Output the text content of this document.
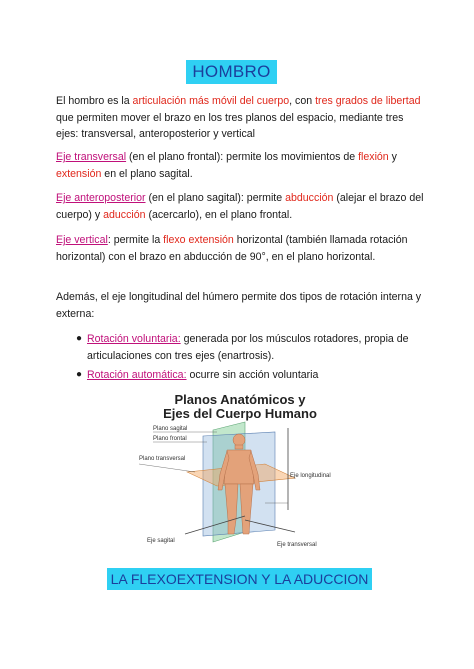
HOMBRO

El hombro es la articulación más móvil del cuerpo, con tres grados de libertad que permiten mover el brazo en los tres planos del espacio, mediante tres ejes: transversal, anteroposterior y vertical

Eje transversal (en el plano frontal): permite los movimientos de flexión y extensión en el plano sagital.

Eje anteroposterior (en el plano sagital): permite abducción (alejar el brazo del cuerpo) y aducción (acercarlo), en el plano frontal.

Eje vertical: permite la flexo extensión horizontal (también llamada rotación horizontal) con el brazo en abducción de 90°, en el plano horizontal.

Además, el eje longitudinal del húmero permite dos tipos de rotación interna y externa:

● Rotación voluntaria: generada por los músculos rotadores, propia de articulaciones con tres ejes (enartrosis).
● Rotación automática: ocurre sin acción voluntaria
Planos Anatómicos y
Ejes del Cuerpo Humano
Plano sagital
Plano frontal
Plano transversal
Eje longitudinal
Eje sagital
Eje transversal
LA FLEXOEXTENSION Y LA ADUCCION
